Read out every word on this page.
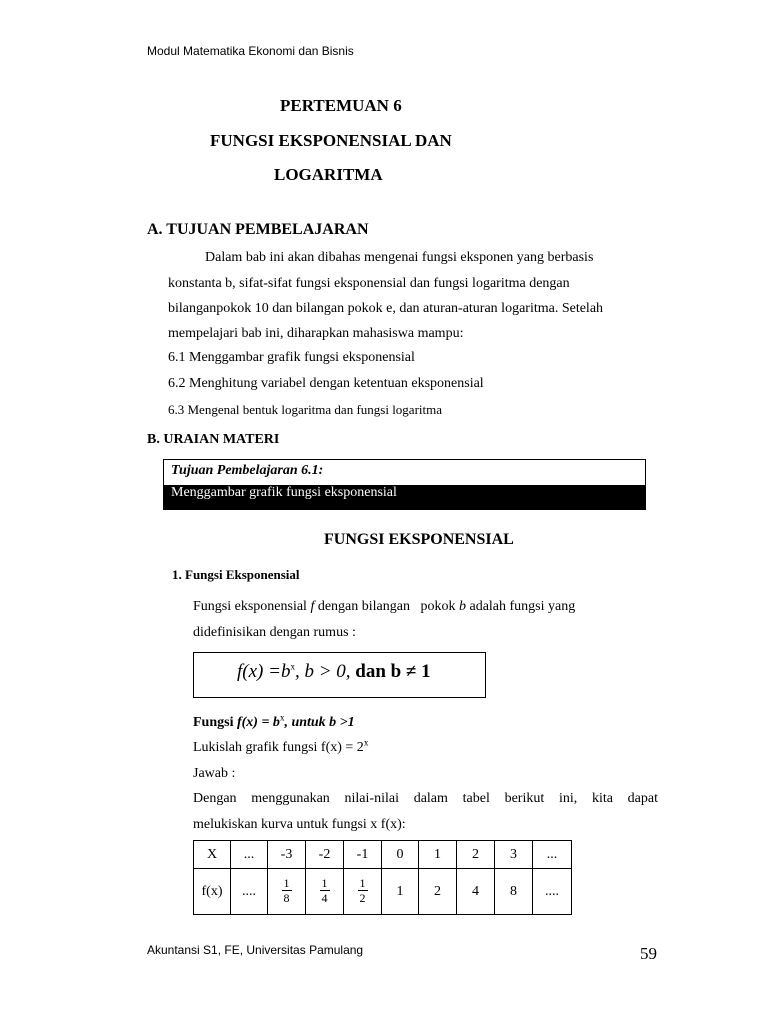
Modul Matematika Ekonomi dan Bisnis
PERTEMUAN 6
FUNGSI EKSPONENSIAL DAN
LOGARITMA
A. TUJUAN PEMBELAJARAN
Dalam bab ini akan dibahas mengenai fungsi eksponen yang berbasis
konstanta b, sifat-sifat fungsi eksponensial dan fungsi logaritma dengan
bilanganpokok 10 dan bilangan pokok e, dan aturan-aturan logaritma. Setelah
mempelajari bab ini, diharapkan mahasiswa mampu:
6.1 Menggambar grafik fungsi eksponensial
6.2 Menghitung variabel dengan ketentuan eksponensial
6.3 Mengenal bentuk logaritma dan fungsi logaritma
B. URAIAN MATERI
Tujuan Pembelajaran 6.1:
Menggambar grafik fungsi eksponensial
FUNGSI EKSPONENSIAL
1. Fungsi Eksponensial
Fungsi eksponensial f dengan bilangan   pokok b adalah fungsi yang
didefinisikan dengan rumus :
$f(x) =b^x$, b > 0, dan b ≠ 1
Fungsi $f(x) = b^x$, untuk b >1
Lukislah grafik fungsi $f(x) = 2^x$
Jawab :
Dengan menggunakan nilai-nilai dalam tabel berikut ini, kita dapat
melukiskan kurva untuk fungsi x f(x):
X	...	-3	-2	-1	0	1	2	3	...
f(x)	....	$\frac{1}{8}$	$\frac{1}{4}$	$\frac{1}{2}$	1	2	4	8	....
Akuntansi S1, FE, Universitas Pamulang	59
